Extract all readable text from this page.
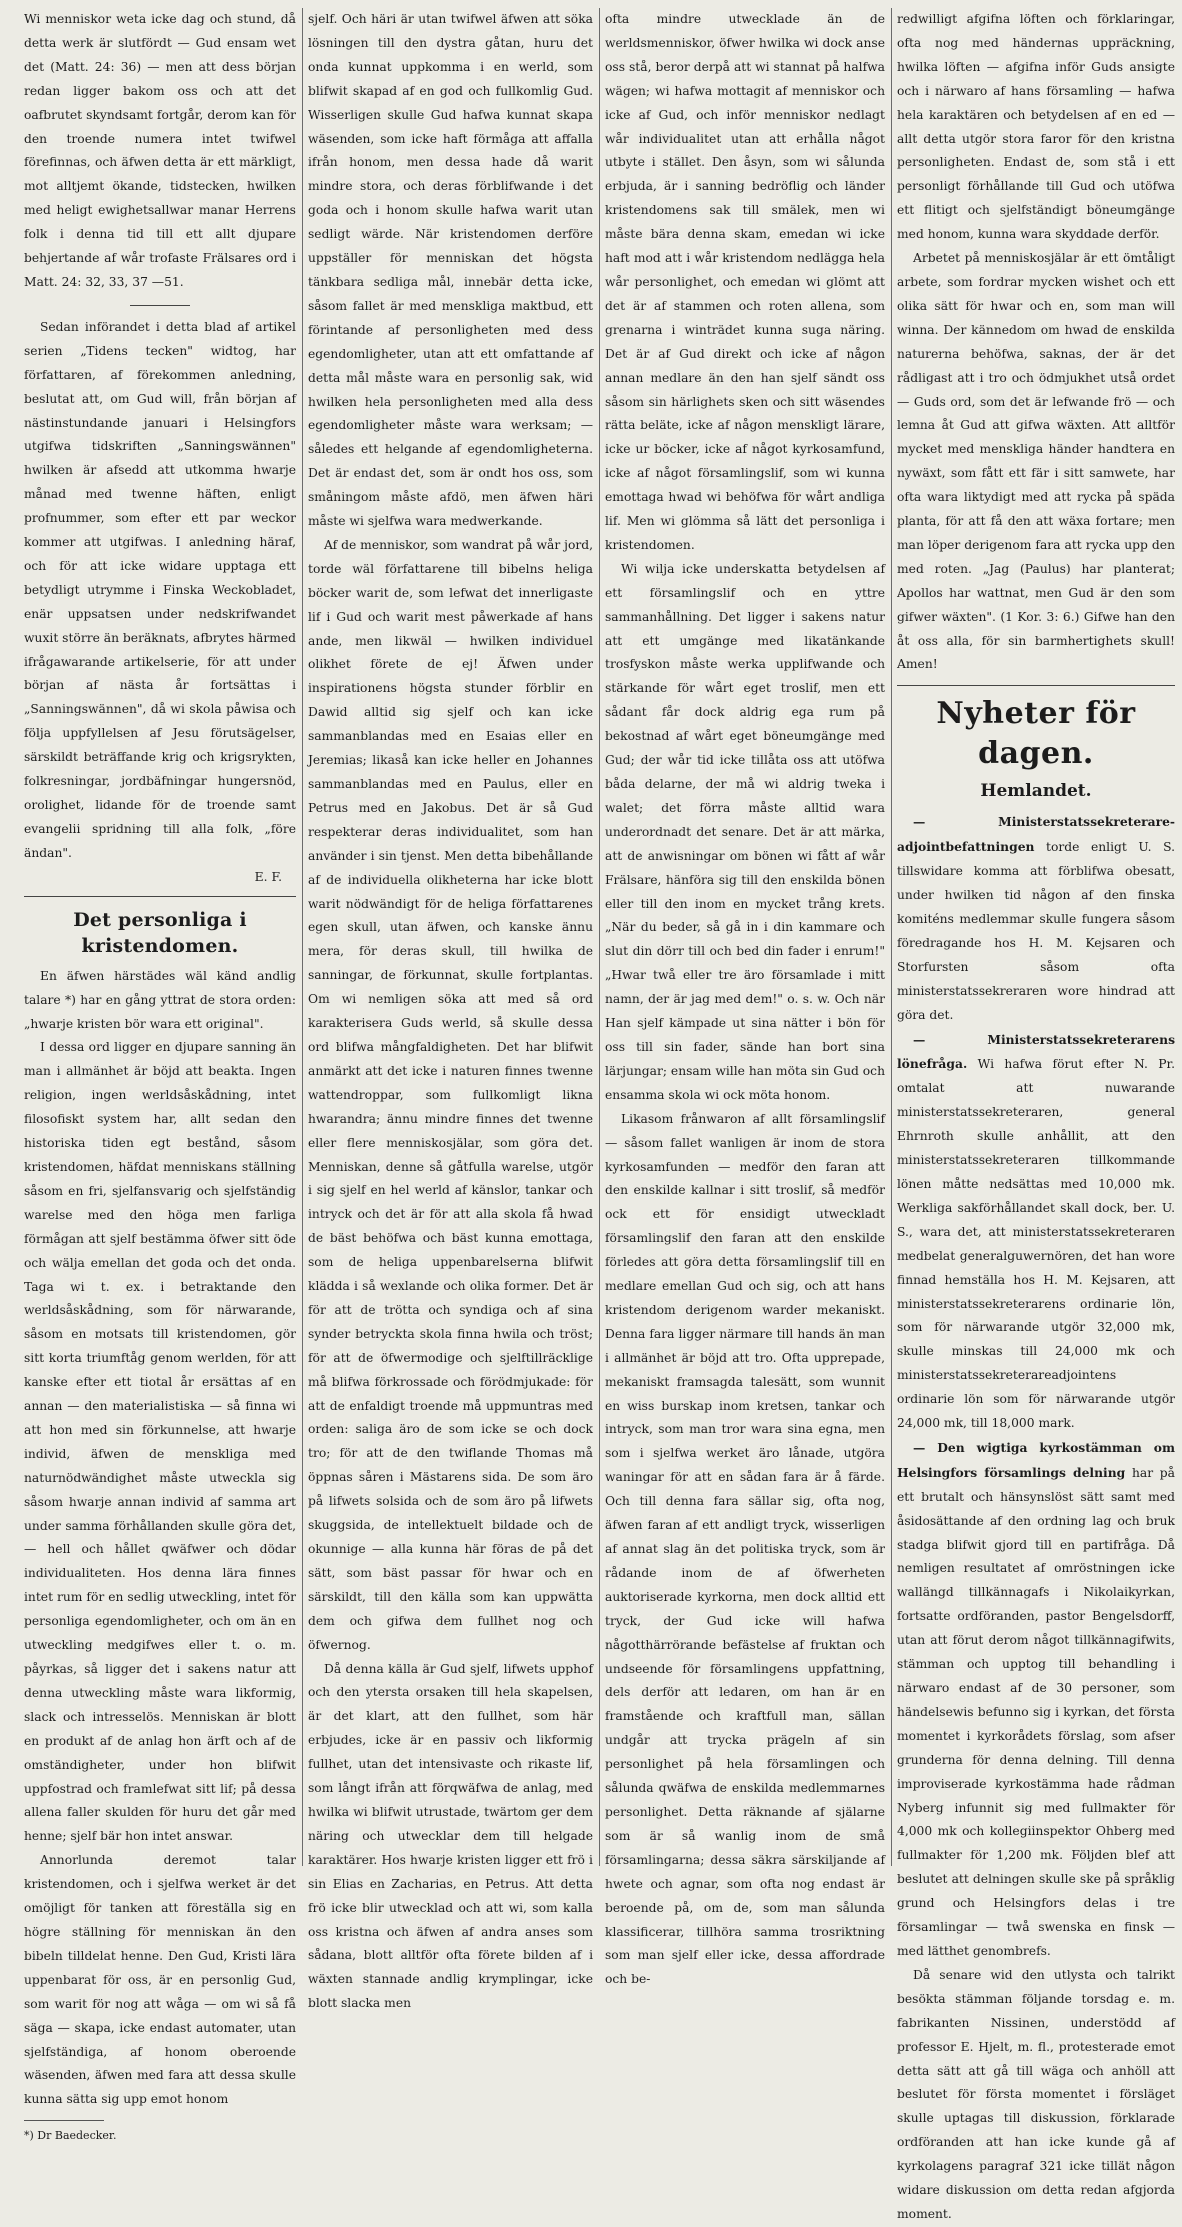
Wi menniskor weta icke dag och stund, då detta werk är slutfördt — Gud ensam wet det (Matt. 24: 36) — men att dess början redan ligger bakom oss och att det oafbrutet skyndsamt fortgår, derom kan för den troende numera intet twifwel förefinnas, och äfwen detta är ett märkligt, mot alltjemt ökande, tidstecken, hwilken med heligt ewighetsallwar manar Herrens folk i denna tid till ett allt djupare behjertande af wår trofaste Frälsares ord i Matt. 24: 32, 33, 37 —51.

Sedan införandet i detta blad af artikel serien „Tidens tecken" widtog, har författaren, af förekommen anledning, beslutat att, om Gud will, från början af nästinstundande januari i Helsingfors utgifwa tidskriften „Sanningswännen" hwilken är afsedd att utkomma hwarje månad med twenne häften, enligt profnummer, som efter ett par weckor kommer att utgifwas. I anledning häraf, och för att icke widare upptaga ett betydligt utrymme i Finska Weckobladet, enär uppsatsen under nedskrifwandet wuxit större än beräknats, afbrytes härmed ifrågawarande artikelserie, för att under början af nästa år fortsättas i „Sanningswännen", då wi skola påwisa och följa uppfyllelsen af Jesu förutsägelser, särskildt beträffande krig och krigsrykten, folkresningar, jordbäfningar hungersnöd, orolighet, lidande för de troende samt evangelii spridning till alla folk, „före ändan".

E. F.
Det personliga i kristendomen.

En äfwen härstädes wäl känd andlig talare *) har en gång yttrat de stora orden: „hwarje kristen bör wara ett original".

I dessa ord ligger en djupare sanning än man i allmänhet är böjd att beakta. Ingen religion, ingen werldsåskådning, intet filosofiskt system har, allt sedan den historiska tiden egt bestånd, såsom kristendomen, häfdat menniskans ställning såsom en fri, sjelfansvarig och sjelfständig warelse med den höga men farliga förmågan att sjelf bestämma öfwer sitt öde och wälja emellan det goda och det onda. Taga wi t. ex. i betraktande den werldsåskådning, som för närwarande, såsom en motsats till kristendomen, gör sitt korta triumftåg genom werlden, för att kanske efter ett tiotal år ersättas af en annan — den materialistiska — så finna wi att hon med sin förkunnelse, att hwarje individ, äfwen de menskliga med naturnödwändighet måste utwecklа sig såsom hwarje annan individ af samma art under samma förhållanden skulle göra det, — hell och hållet qwäfwer och dödar individualiteten. Hos denna lära finnes intet rum för en sedlig utweckling, intet för personliga egendomligheter, och om än en utweckling medgifwes eller t. o. m. påyrkas, så ligger det i sakens natur att denna utweckling måste wara likformig, slack och intresselös. Menniskan är blott en produkt af de anlag hon ärft och af de omständigheter, under hon blifwit uppfostrad och framlefwat sitt lif; på dessa allena faller skulden för huru det går med henne; sjelf bär hon intet answar.

Annorlunda deremot talar kristendomen, och i sjelfwa werket är det omöjligt för tanken att föreställa sig en högre ställning för menniskan än den bibeln tilldelat henne. Den Gud, Kristi lära uppenbarat för oss, är en personlig Gud, som warit för nog att wåga — om wi så få säga — skapa, icke endast automater, utan sjelfständiga, af honom oberoende wäsenden, äfwen med fara att dessa skulle kunna sätta sig upp emot honom

*) Dr Baedecker.

sjelf. Och häri är utan twifwel äfwen att söka lösningen till den dystra gåtan, huru det onda kunnat uppkomma i en werld, som blifwit skapad af en god och fullkomlig Gud. Wisserligen skulle Gud hafwa kunnat skapa wäsenden, som icke haft förmåga att affalla ifrån honom, men dessa hade då warit mindre stora, och deras förblifwande i det goda och i honom skulle hafwa warit utan sedligt wärde. När kristendomen derföre uppställer för menniskan det högsta tänkbara sedliga mål, innebär detta icke, såsom fallet är med menskliga maktbud, ett förintande af personligheten med dess egendomligheter, utan att ett omfattande af detta mål måste wara en personlig sak, wid hwilken hela personligheten med alla dess egendomligheter måste wara werksam; — således ett helgande af egendomligheterna. Det är endast det, som är ondt hos oss, som småningom måste afdö, men äfwen häri måste wi sjelfwa wara medwerkande.

Af de menniskor, som wandrat på wår jord, torde wäl författarene till bibelns heliga böcker warit de, som lefwat det innerligaste lif i Gud och warit mest påwerkade af hans ande, men likwäl — hwilken individuel olikhet förete de ej! Äfwen under inspirationens högsta stunder förblir en Dawid alltid sig sjelf och kan icke sammanblandas med en Esaias eller en Jeremias; likaså kan icke heller en Johannes sammanblandas med en Paulus, eller en Petrus med en Jakobus. Det är så Gud respekterar deras individualitet, som han använder i sin tjenst. Men detta bibehållande af de individuella olikheterna har icke blott warit nödwändigt för de heliga författarenes egen skull, utan äfwen, och kanske ännu mera, för deras skull, till hwilka de sanningar, de förkunnat, skulle fortplantas. Om wi nemligen söka att med så ord karakterisera Guds werld, så skulle dessa ord blifwa mångfaldigheten. Det har blifwit anmärkt att det icke i naturen finnes twenne wattendroppar, som fullkomligt likna hwarandra; ännu mindre finnes det twenne eller flere menniskosjälar, som göra det. Menniskan, denne så gåtfulla warelse, utgör i sig sjelf en hel werld af känslor, tankar och intryck och det är för att alla skola få hwad de bäst behöfwa och bäst kunna emottaga, som de heliga uppenbarelserna blifwit klädda i så wexlande och olika former. Det är för att de trötta och syndiga och af sina synder betryckta skola finna hwila och tröst; för att de öfwermodige och sjelftillräcklige må blifwa förkrossade och förödmjukade: för att de enfaldigt troende må uppmuntras med orden: saliga äro de som icke se och dock tro; för att de den twiflande Thomas må öppnas såren i Mästarens sida. De som äro på lifwets solsida och de som äro på lifwets skuggsida, de intellektuelt bildade och de okunnige — alla kunna här föras de på det sätt, som bäst passar för hwar och en särskildt, till den källa som kan uppwätta dem och gifwa dem fullhet nog och öfwernog.

Då denna källa är Gud sjelf, lifwets upphof och den ytersta orsaken till hela skapelsen, är det klart, att den fullhet, som här erbjudes, icke är en passiv och likformig fullhet, utan det intensivaste och rikaste lif, som långt ifrån att förqwäfwa de anlag, med hwilka wi blifwit utrustade, twärtom ger dem näring och utwecklar dem till helgade karaktärer. Hos hwarje kristen ligger ett frö i sin Elias en Zacharias, en Petrus. Att detta frö icke blir utwecklad och att wi, som kalla oss kristna och äfwen af andra anses som sådana, blott alltför ofta förete bilden af i wäxten stannade andlig krymplingar, icke blott slacka men

ofta mindre utwecklade än de werldsmenniskor, öfwer hwilka wi dock anse oss stå, beror derpå att wi stannat på halfwa wägen; wi hafwa mottagit af menniskor och icke af Gud, och inför menniskor nedlagt wår individualitet utan att erhålla något utbyte i stället. Den åsyn, som wi sålunda erbjuda, är i sanning bedröflig och länder kristendomens sak till smälek, men wi måste bära denna skam, emedan wi icke haft mod att i wår kristendom nedlägga hela wår personlighet, och emedan wi glömt att det är af stammen och roten allena, som grenarna i winträdet kunna suga näring. Det är af Gud direkt och icke af någon annan medlare än den han sjelf sändt oss såsom sin härlighets sken och sitt wäsendes rätta beläte, icke af någon menskligt lärare, icke ur böcker, icke af något kyrkosamfund, icke af något församlingslif, som wi kunna emottaga hwad wi behöfwa för wårt andliga lif. Men wi glömma så lätt det personliga i kristendomen.

Wi wilja icke underskatta betydelsen af ett församlingslif och en yttre sammanhållning. Det ligger i sakens natur att ett umgänge med likatänkande trosfyskon måste werka upplifwande och stärkande för wårt eget troslif, men ett sådant får dock aldrig ega rum på bekostnad af wårt eget böneumgänge med Gud; der wår tid icke tillåta oss att utöfwa båda delarne, der må wi aldrig twekа i walet; det förra måste alltid wara underordnadt det senare. Det är att märka, att de anwisningar om bönen wi fått af wår Frälsare, hänföra sig till den enskilda bönen eller till den inom en mycket trång krets. „När du beder, så gå in i din kammare och slut din dörr till och bed din fader i enrum!" „Hwar twå eller tre äro församlade i mitt namn, der är jag med dem!" o. s. w. Och när Han sjelf kämpade ut sina nätter i bön för oss till sin fader, sände han bort sina lärjungar; ensam wille han möta sin Gud och ensamma skola wi ock möta honom.

Likasom frånwaron af allt församlingslif — såsom fallet wanligen är inom de stora kyrkosamfunden — medför den faran att den enskilde kallnar i sitt troslif, så medför ock ett för ensidigt utweckladt församlingslif den faran att den enskilde förledes att göra detta församlingslif till en medlare emellan Gud och sig, och att hans kristendom derigenom warder mekaniskt. Denna fara ligger närmare till hands än man i allmänhet är böjd att tro. Ofta upprepade, mekaniskt framsagda talesätt, som wunnit en wiss burskap inom kretsen, tankar och intryck, som man tror wara sina egna, men som i sjelfwa werket äro lånade, utgöra waningar för att en sådan fara är å färde. Och till denna fara sällar sig, ofta nog, äfwen faran af ett andligt tryck, wisserligen af annat slag än det politiska tryck, som är rådande inom de af öfwerheten auktoriserade kyrkorna, men dock alltid ett tryck, der Gud icke will hafwa någotthärrörande befästelse af fruktan och undseende för församlingens uppfattning, dels derför att ledaren, om han är en framstående och kraftfull man, sällan undgår att trycka prägeln af sin personlighet på hela församlingen och sålunda qwäfwa de enskilda medlemmarnes personlighet. Detta räknande af själarne som är så wanlig inom de små församlingarna; dessa säkra särskiljande af hwete och agnar, som ofta nog endast är beroende på, om de, som man sålunda klassificerar, tillhöra samma trosriktning som man sjelf eller icke, dessa affordrade och be-

redwilligt afgifna löften och förklaringar, ofta nog med händernas uppräckning, hwilka löften — afgifna inför Guds ansigte och i närwaro af hans församling — hafwa hela karaktären och betydelsen af en ed — allt detta utgör stora faror för den kristna personligheten. Endast de, som stå i ett personligt förhållande till Gud och utöfwa ett flitigt och sjelfständigt böneumgänge med honom, kunna wara skyddade derför.

Arbetet på menniskosjälar är ett ömtåligt arbete, som fordrar mycken wishet och ett olika sätt för hwar och en, som man will winna. Der kännedom om hwad de enskilda naturerna behöfwa, saknas, der är det rådligast att i tro och ödmjukhet utså ordet — Guds ord, som det är lefwande frö — och lemna åt Gud att gifwa wäxten. Att alltför mycket med menskliga händer handtera en nywäxt, som fått ett fär i sitt samwete, har ofta wara liktydigt med att rycka på späda planta, för att få den att wäxa fortare; men man löper derigenom fara att rycka upp den med roten. „Jag (Paulus) har planterat; Apollos har wattnat, men Gud är den som gifwer wäxten". (1 Kor. 3: 6.) Gifwe han den åt oss alla, för sin barmhertighets skull! Amen!

Nyheter för dagen.
Hemlandet.

— Ministerstatssekreterare-adjointbefattningen torde enligt U. S. tillswidare komma att förblifwa obesatt, under hwilken tid någon af den finska komiténs medlemmar skulle fungera såsom föredragande hos H. M. Kejsaren och Storfursten såsom ofta ministerstatssekreraren wore hindrad att göra det.

— Ministerstatssekreterarens lönefråga. Wi hafwa förut efter N. Pr. omtalat att nuwarande ministerstatssekreteraren, general Ehrnroth skulle anhållit, att den ministerstatssekreteraren tillkommande lönen måtte nedsättas med 10,000 mk. Werkliga sakförhållandet skall dock, ber. U. S., wara det, att ministerstatssekreteraren medbelat generalguwernören, det han wore finnad hemställa hos H. M. Kejsaren, att ministerstatssekreterarens ordinarie lön, som för närwarande utgör 32,000 mk, skulle minskas till 24,000 mk och ministerstatssekreterareadjointens ordinarie lön som för närwarande utgör 24,000 mk, till 18,000 mark.

— Den wigtiga kyrkostämman om Helsingfors församlings delning har på ett brutalt och hänsynslöst sätt samt med åsidosättande af den ordning lag och bruk stadga blifwit gjord till en partifråga. Då nemligen resultatet af omröstningen icke wallängd tillkännagafs i Nikolaikyrkan, fortsatte ordföranden, pastor Bengelsdorff, utan att förut derom något tillkännagifwits, stämman och upptog till behandling i närwaro endast af de 30 personer, som händelsewis befunno sig i kyrkan, det första momentet i kyrkorådets förslag, som afser grunderna för denna delning. Till denna improviserade kyrkostämma hade rådman Nyberg infunnit sig med fullmakter för 4,000 mk och kollegiinspektor Ohberg med fullmakter för 1,200 mk. Följden blef att beslutet att delningen skulle ske på språklig grund och Helsingfors delas i tre församlingar — twå swenska en finsk — med lätthet genombrefs.

Då senare wid den utlysta och talrikt besökta stämman följande torsdag e. m. fabrikanten Nissinen, understödd af professor E. Hjelt, m. fl., protesterade emot detta sätt att gå till wäga och anhöll att beslutet för första momentet i försläget skulle uptagas till diskussion, förklarade ordföranden att han icke kunde gå af kyrkolagens paragraf 321 icke tillät någon widare diskussion om detta redan afgjorda moment.
